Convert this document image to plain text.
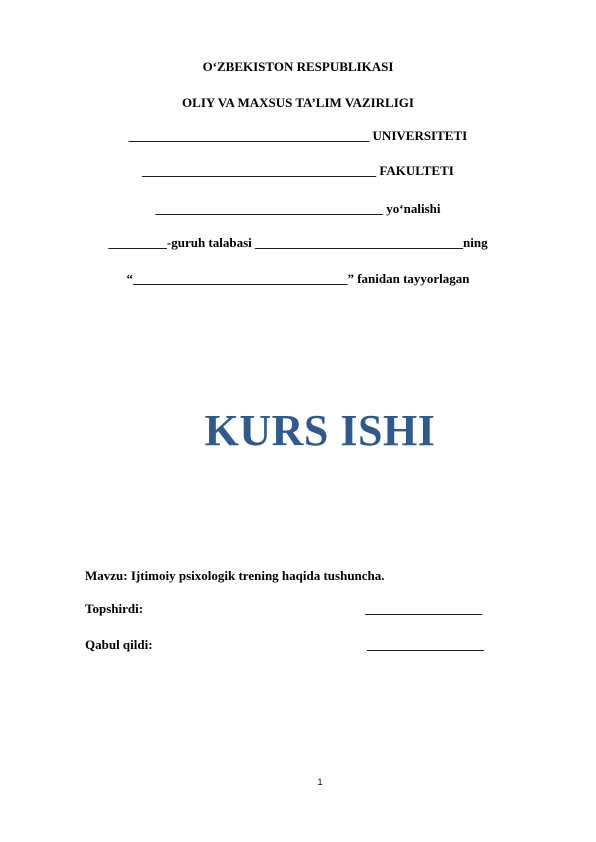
O‘ZBEKISTON RESPUBLIKASI
OLIY VA MAXSUS TA’LIM VAZIRLIGI
_____________________________________ UNIVERSITETI
____________________________________ FAKULTETI
___________________________________ yo‘nalishi
_________-guruh talabasi ________________________________ning
“_________________________________” fanidan tayyorlagan
KURS ISHI
Mavzu: Ijtimoiy psixologik trening haqida tushuncha.
Topshirdi:	__________________
Qabul qildi:	__________________
1
